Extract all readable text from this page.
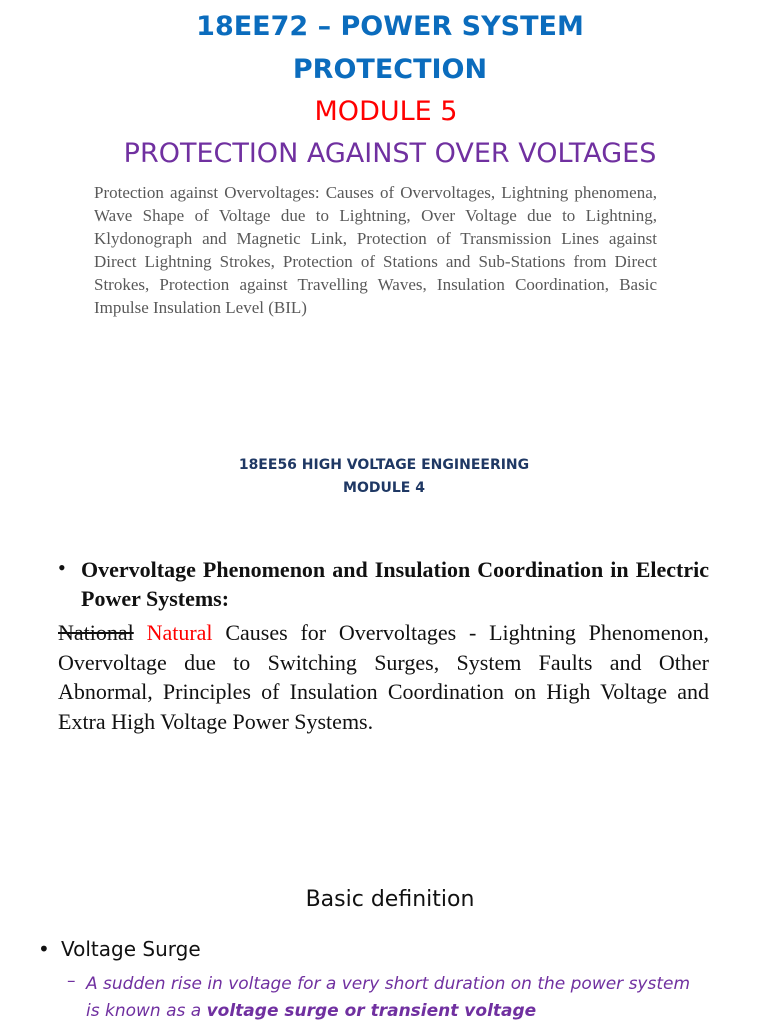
18EE72 – POWER SYSTEM
PROTECTION
MODULE 5
PROTECTION AGAINST OVER VOLTAGES
Protection against Overvoltages: Causes of Overvoltages, Lightning phenomena, Wave Shape of Voltage due to Lightning, Over Voltage due to Lightning, Klydonograph and Magnetic Link, Protection of Transmission Lines against Direct Lightning Strokes, Protection of Stations and Sub-Stations from Direct Strokes, Protection against Travelling Waves, Insulation Coordination, Basic Impulse Insulation Level (BIL)
18EE56 HIGH VOLTAGE ENGINEERING
MODULE 4
• Overvoltage Phenomenon and Insulation Coordination in Electric Power Systems:
National Natural Causes for Overvoltages - Lightning Phenomenon, Overvoltage due to Switching Surges, System Faults and Other Abnormal, Principles of Insulation Coordination on High Voltage and Extra High Voltage Power Systems.
Basic definition
• Voltage Surge
– A sudden rise in voltage for a very short duration on the power system
is known as a voltage surge or transient voltage
